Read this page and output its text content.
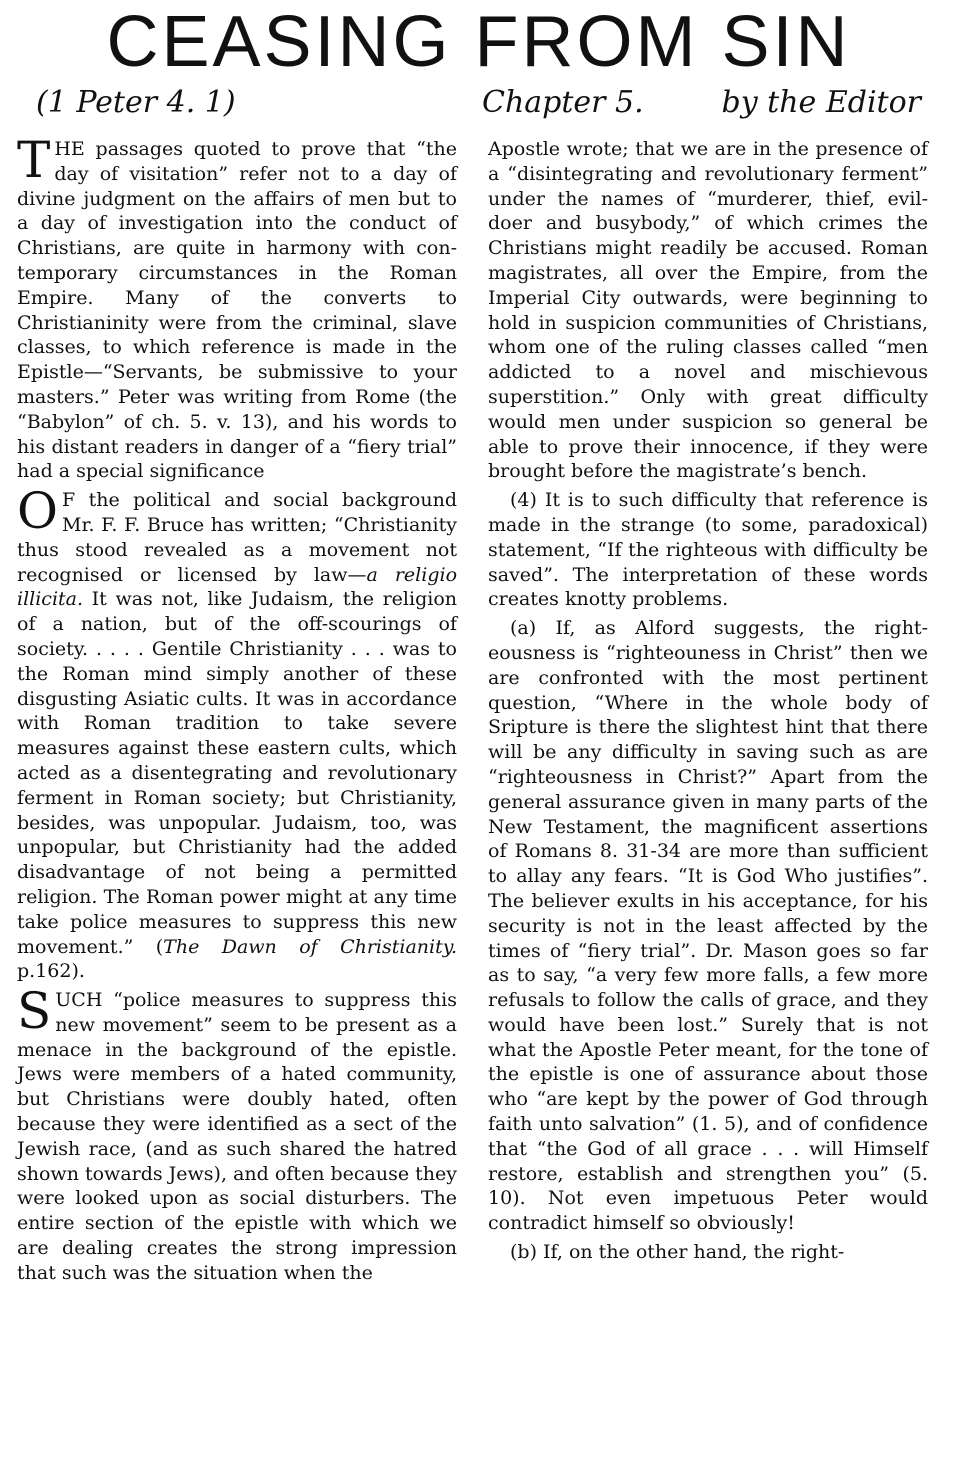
CEASING FROM SIN
(1 Peter 4. 1)	Chapter 5.	by the Editor

THE passages quoted to prove that “the day of visitation” refer not to a day of divine judgment on the affairs of men but to a day of investigation into the conduct of Christians, are quite in harmony with contemporary circumstances in the Roman Empire. Many of the converts to Christianinity were from the criminal, slave classes, to which reference is made in the Epistle—“Servants, be submissive to your masters.” Peter was writing from Rome (the “Babylon” of ch. 5. v. 13), and his words to his distant readers in danger of a “fiery trial” had a special significance

O F the political and social background Mr. F. F. Bruce has written; “Christianity thus stood revealed as a movement not recognised or licensed by law—a religio illicita. It was not, like Judaism, the religion of a nation, but of the off-scourings of society. . . . . Gentile Christianity . . . was to the Roman mind simply another of these disgusting Asiatic cults. It was in accordance with Roman tradition to take severe measures against these eastern cults, which acted as a disentegrating and revolutionary ferment in Roman society; but Christianity, besides, was unpopular. Judaism, too, was unpopular, but Christianity had the added disadvantage of not being a permitted religion. The Roman power might at any time take police measures to suppress this new movement.” (The Dawn of Christianity. p.162).

SUCH “police measures to suppress this new movement” seem to be present as a menace in the background of the epistle. Jews were members of a hated community, but Christians were doubly hated, often because they were identified as a sect of the Jewish race, (and as such shared the hatred shown towards Jews), and often because they were looked upon as social disturbers. The entire section of the epistle with which we are dealing creates the strong impression that such was the situation when the

Apostle wrote; that we are in the presence of a “disintegrating and revolutionary ferment” under the names of “murderer, thief, evil-doer and busybody,” of which crimes the Christians might readily be accused. Roman magistrates, all over the Empire, from the Imperial City outwards, were beginning to hold in suspicion communities of Christians, whom one of the ruling classes called “men addicted to a novel and mischievous superstition.” Only with great difficulty would men under suspicion so general be able to prove their innocence, if they were brought before the magistrate’s bench.

(4) It is to such difficulty that reference is made in the strange (to some, paradoxical) statement, “If the righteous with difficulty be saved”. The interpretation of these words creates knotty problems.

(a) If, as Alford suggests, the righteousness is “righteouness in Christ” then we are confronted with the most pertinent question, “Where in the whole body of Sripture is there the slightest hint that there will be any difficulty in saving such as are “righteousness in Christ?” Apart from the general assurance given in many parts of the New Testament, the magnificent assertions of Romans 8. 31-34 are more than sufficient to allay any fears. “It is God Who justifies”. The believer exults in his acceptance, for his security is not in the least affected by the times of “fiery trial”. Dr. Mason goes so far as to say, “a very few more falls, a few more refusals to follow the calls of grace, and they would have been lost.” Surely that is not what the Apostle Peter meant, for the tone of the epistle is one of assurance about those who “are kept by the power of God through faith unto salvation” (1. 5), and of confidence that “the God of all grace . . . will Himself restore, establish and strengthen you” (5. 10). Not even impetuous Peter would contradict himself so obviously!

(b) If, on the other hand, the right-
